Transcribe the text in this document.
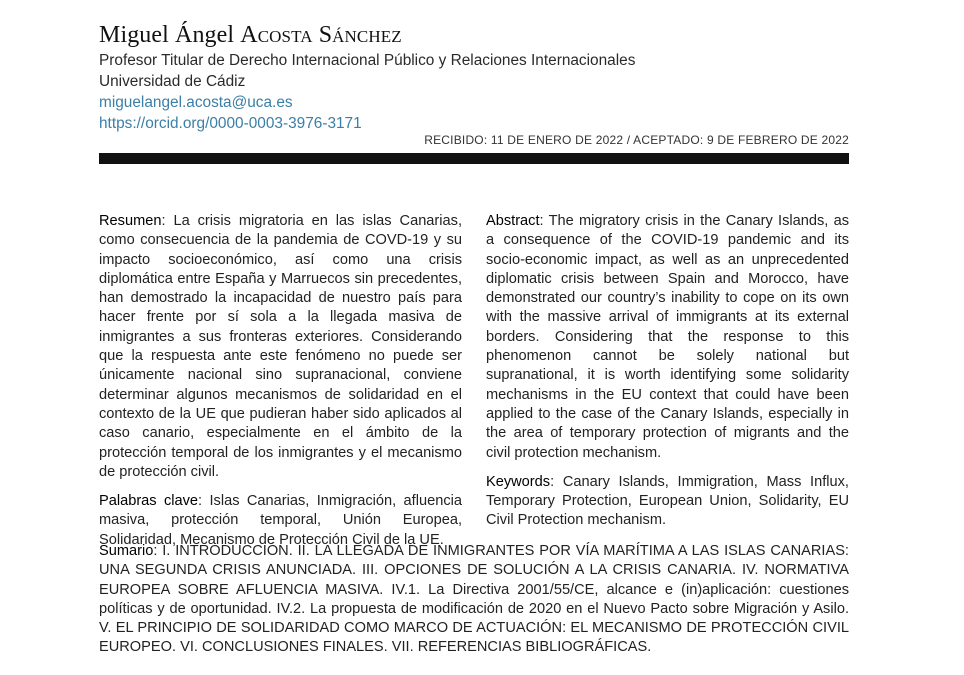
Miguel Ángel Acosta Sánchez
Profesor Titular de Derecho Internacional Público y Relaciones Internacionales
Universidad de Cádiz
miguelangel.acosta@uca.es
https://orcid.org/0000-0003-3976-3171
RECIBIDO: 11 DE ENERO DE 2022 / ACEPTADO: 9 DE FEBRERO DE 2022

Resumen: La crisis migratoria en las islas Canarias, como consecuencia de la pandemia de COVD-19 y su impacto socioeconómico, así como una crisis diplomática entre España y Marruecos sin precedentes, han demostrado la incapacidad de nuestro país para hacer frente por sí sola a la llegada masiva de inmigrantes a sus fronteras exteriores. Considerando que la respuesta ante este fenómeno no puede ser únicamente nacional sino supranacional, conviene determinar algunos mecanismos de solidaridad en el contexto de la UE que pudieran haber sido aplicados al caso canario, especialmente en el ámbito de la protección temporal de los inmigrantes y el mecanismo de protección civil.

Palabras clave: Islas Canarias, Inmigración, afluencia masiva, protección temporal, Unión Europea, Solidaridad, Mecanismo de Protección Civil de la UE.

Abstract: The migratory crisis in the Canary Islands, as a consequence of the COVID-19 pandemic and its socio-economic impact, as well as an unprecedented diplomatic crisis between Spain and Morocco, have demonstrated our country’s inability to cope on its own with the massive arrival of immigrants at its external borders. Considering that the response to this phenomenon cannot be solely national but supranational, it is worth identifying some solidarity mechanisms in the EU context that could have been applied to the case of the Canary Islands, especially in the area of temporary protection of migrants and the civil protection mechanism.

Keywords: Canary Islands, Immigration, Mass Influx, Temporary Protection, European Union, Solidarity, EU Civil Protection mechanism.

Sumario: I. INTRODUCCIÓN. II. LA LLEGADA DE INMIGRANTES POR VÍA MARÍTIMA A LAS ISLAS CANARIAS: UNA SEGUNDA CRISIS ANUNCIADA. III. OPCIONES DE SOLUCIÓN A LA CRISIS CANARIA. IV. NORMATIVA EUROPEA SOBRE AFLUENCIA MASIVA. IV.1. La Directiva 2001/55/CE, alcance e (in)aplicación: cuestiones políticas y de oportunidad. IV.2. La propuesta de modificación de 2020 en el Nuevo Pacto sobre Migración y Asilo. V. EL PRINCIPIO DE SOLIDARIDAD COMO MARCO DE ACTUACIÓN: EL MECANISMO DE PROTECCIÓN CIVIL EUROPEO. VI. CONCLUSIONES FINALES. VII. REFERENCIAS BIBLIOGRÁFICAS.
